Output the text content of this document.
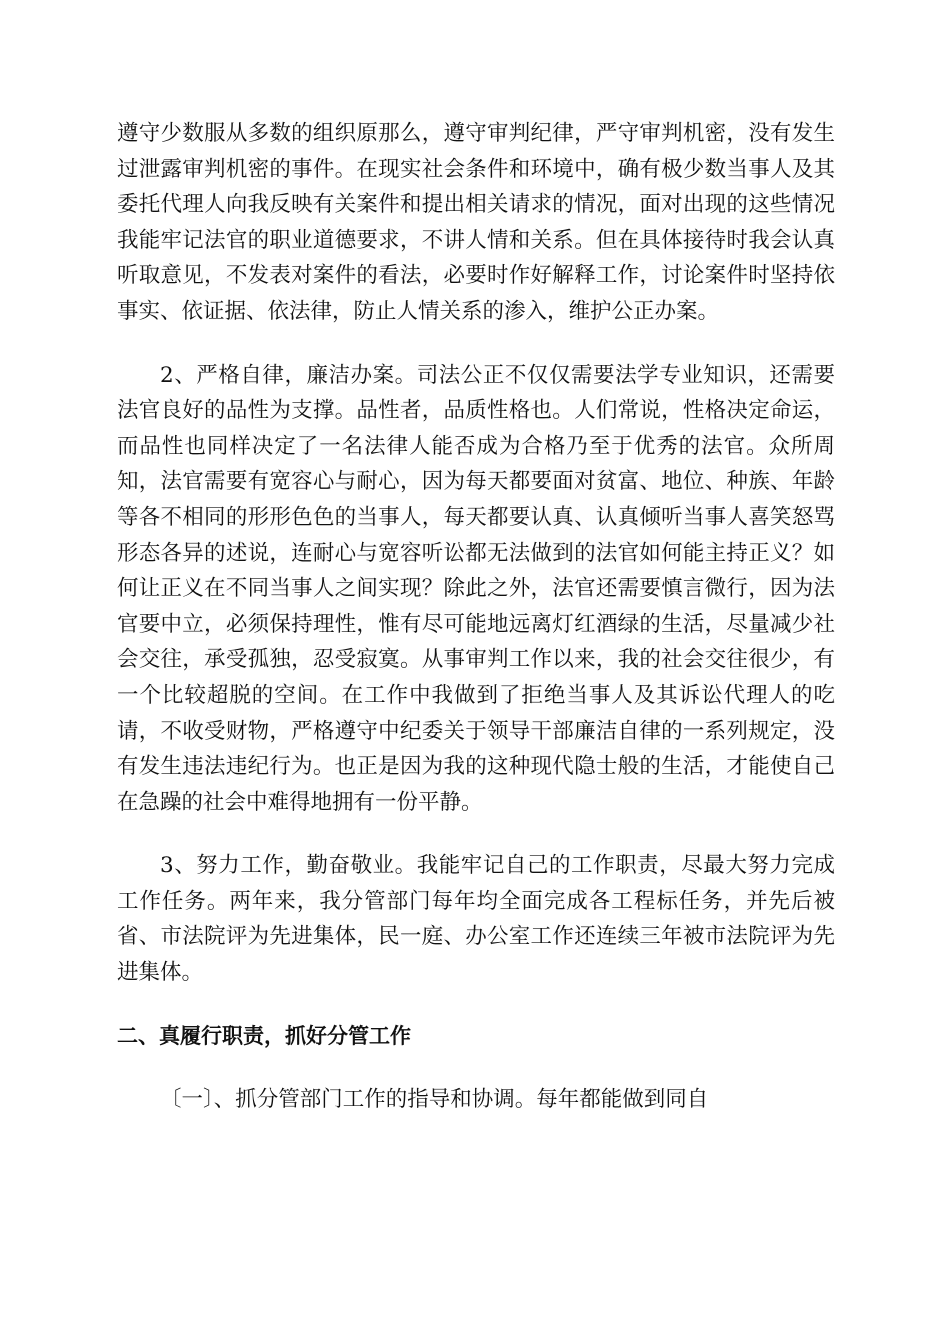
遵守少数服从多数的组织原那么，遵守审判纪律，严守审判机密，没有发生过泄露审判机密的事件。在现实社会条件和环境中，确有极少数当事人及其委托代理人向我反映有关案件和提出相关请求的情况，面对出现的这些情况我能牢记法官的职业道德要求，不讲人情和关系。但在具体接待时我会认真听取意见，不发表对案件的看法，必要时作好解释工作，讨论案件时坚持依事实、依证据、依法律，防止人情关系的渗入，维护公正办案。

2、严格自律，廉洁办案。司法公正不仅仅需要法学专业知识，还需要法官良好的品性为支撑。品性者，品质性格也。人们常说，性格决定命运，而品性也同样决定了一名法律人能否成为合格乃至于优秀的法官。众所周知，法官需要有宽容心与耐心，因为每天都要面对贫富、地位、种族、年龄等各不相同的形形色色的当事人，每天都要认真、认真倾听当事人喜笑怒骂形态各异的述说，连耐心与宽容听讼都无法做到的法官如何能主持正义？如何让正义在不同当事人之间实现？除此之外，法官还需要慎言微行，因为法官要中立，必须保持理性，惟有尽可能地远离灯红酒绿的生活，尽量减少社会交往，承受孤独，忍受寂寞。从事审判工作以来，我的社会交往很少，有一个比较超脱的空间。在工作中我做到了拒绝当事人及其诉讼代理人的吃请，不收受财物，严格遵守中纪委关于领导干部廉洁自律的一系列规定，没有发生违法违纪行为。也正是因为我的这种现代隐士般的生活，才能使自己在急躁的社会中难得地拥有一份平静。

3、努力工作，勤奋敬业。我能牢记自己的工作职责，尽最大努力完成工作任务。两年来，我分管部门每年均全面完成各工程标任务，并先后被省、市法院评为先进集体，民一庭、办公室工作还连续三年被市法院评为先进集体。

二、真履行职责，抓好分管工作

〔一〕、抓分管部门工作的指导和协调。每年都能做到同自
